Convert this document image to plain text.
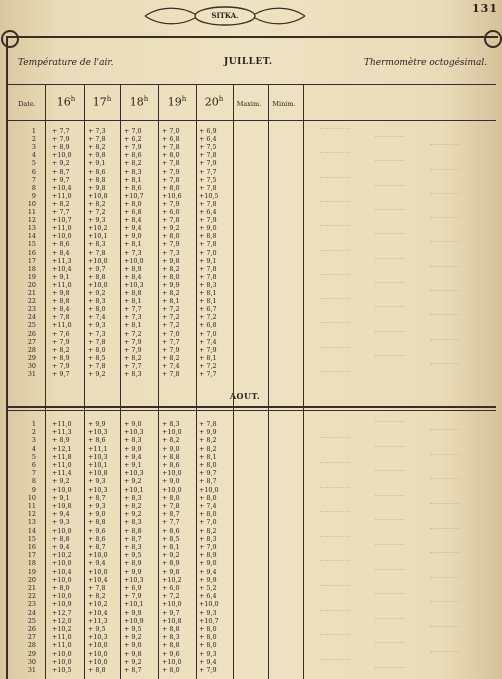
SITKA.
131
Température de l'air.	JUILLET.	Thermomètre octogésimal.
Date.	16$^h$	17$^h$	18$^h$	19$^h$	20$^h$
Maxim.	Minim.
AOUT.
1	+ 7,7	+ 7,3	+ 7,0	+ 7,0	+ 6,9
2	+ 7,9	+ 7,8	+ 6,2	+ 6,8	+ 6,4
3	+ 8,9	+ 8,2	+ 7,9	+ 7,8	+ 7,5
4	+10,0	+ 9,8	+ 8,6	+ 8,0	+ 7,8
5	+ 9,2	+ 9,1	+ 8,2	+ 7,8	+ 7,9
6	+ 8,7	+ 8,6	+ 8,3	+ 7,9	+ 7,7
7	+ 9,7	+ 8,8	+ 8,1	+ 7,8	+ 7,5
8	+10,4	+ 9,8	+ 8,6	+ 8,0	+ 7,8
9	+11,0	+10,8	+10,7	+10,6	+10,5
10	+ 8,2	+ 8,2	+ 8,0	+ 7,9	+ 7,8
11	+ 7,7	+ 7,2	+ 6,8	+ 6,0	+ 6,4
12	+10,7	+ 9,3	+ 8,4	+ 7,8	+ 7,9
13	+11,0	+10,2	+ 9,4	+ 9,2	+ 9,0
14	+10,0	+10,1	+ 9,0	+ 8,0	+ 8,8
15	+ 8,6	+ 8,3	+ 8,1	+ 7,9	+ 7,8
16	+ 8,4	+ 7,8	+ 7,3	+ 7,3	+ 7,0
17	+11,3	+10,0	+10,0	+ 9,8	+ 9,1
18	+10,4	+ 9,7	+ 8,9	+ 8,2	+ 7,8
19	+ 9,1	+ 8,8	+ 8,4	+ 8,0	+ 7,8
20	+11,0	+10,0	+10,3	+ 9,9	+ 8,3
21	+ 9,8	+ 9,2	+ 8,8	+ 8,2	+ 8,1
22	+ 8,8	+ 8,3	+ 8,1	+ 8,1	+ 8,1
23	+ 8,4	+ 8,0	+ 7,7	+ 7,2	+ 6,7
24	+ 7,8	+ 7,4	+ 7,3	+ 7,2	+ 7,2
25	+11,0	+ 9,3	+ 8,1	+ 7,2	+ 6,8
26	+ 7,6	+ 7,3	+ 7,2	+ 7,0	+ 7,0
27	+ 7,9	+ 7,8	+ 7,9	+ 7,7	+ 7,4
28	+ 8,2	+ 8,0	+ 7,9	+ 7,9	+ 7,9
29	+ 8,9	+ 8,5	+ 8,2	+ 8,2	+ 8,1
30	+ 7,9	+ 7,8	+ 7,7	+ 7,4	+ 7,2
31	+ 9,7	+ 9,2	+ 8,3	+ 7,8	+ 7,7
1	+11,0	+ 9,9	+ 9,0	+ 8,3	+ 7,8
2	+11,3	+10,3	+10,3	+10,0	+ 9,9
3	+ 8,9	+ 8,6	+ 8,3	+ 8,2	+ 8,2
4	+12,1	+11,1	+ 9,9	+ 9,0	+ 8,2
5	+11,8	+10,3	+ 9,4	+ 8,8	+ 8,1
6	+11,0	+10,1	+ 9,1	+ 8,6	+ 8,0
7	+11,4	+10,8	+10,3	+10,0	+ 9,7
8	+ 9,2	+ 9,3	+ 9,2	+ 9,0	+ 8,7
9	+10,0	+10,3	+10,1	+10,0	+10,0
10	+ 9,1	+ 8,7	+ 8,3	+ 8,0	+ 8,0
11	+10,8	+ 9,3	+ 8,2	+ 7,8	+ 7,4
12	+ 9,4	+ 9,0	+ 9,2	+ 8,7	+ 8,0
13	+ 9,3	+ 8,8	+ 8,3	+ 7,7	+ 7,0
14	+10,0	+ 9,6	+ 8,8	+ 8,6	+ 8,2
15	+ 8,8	+ 8,6	+ 8,7	+ 8,5	+ 8,3
16	+ 9,4	+ 8,7	+ 8,3	+ 8,1	+ 7,9
17	+10,2	+10,0	+ 9,5	+ 9,2	+ 8,9
18	+10,0	+ 9,4	+ 8,9	+ 8,9	+ 9,0
19	+10,4	+10,0	+ 9,9	+ 9,8	+ 9,4
20	+10,0	+10,4	+10,3	+10,2	+ 9,9
21	+ 8,0	+ 7,8	+ 6,9	+ 6,0	+ 5,2
22	+10,0	+ 8,2	+ 7,9	+ 7,2	+ 6,4
23	+10,9	+10,2	+10,1	+10,0	+10,0
24	+12,7	+10,4	+ 9,9	+ 9,7	+ 9,3
25	+12,0	+11,3	+10,9	+10,8	+10,7
26	+10,2	+ 9,5	+ 9,5	+ 8,8	+ 8,0
27	+11,0	+10,3	+ 9,2	+ 8,3	+ 8,0
28	+11,0	+10,0	+ 9,0	+ 8,8	+ 8,0
29	+10,0	+10,0	+ 9,8	+ 9,6	+ 9,3
30	+10,0	+10,0	+ 9,2	+10,0	+ 9,4
31	+10,5	+ 8,8	+ 8,7	+ 8,0	+ 7,9
